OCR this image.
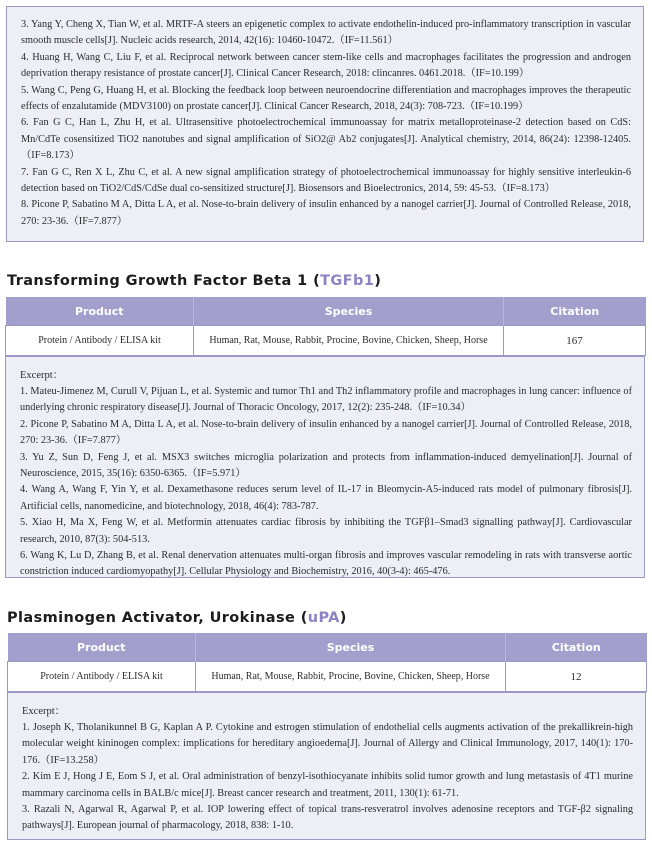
3. Yang Y, Cheng X, Tian W, et al. MRTF-A steers an epigenetic complex to activate endothelin-induced pro-inflammatory transcription in vascular smooth muscle cells[J]. Nucleic acids research, 2014, 42(16): 10460-10472.（IF=11.561）

4. Huang H, Wang C, Liu F, et al. Reciprocal network between cancer stem-like cells and macrophages facilitates the progression and androgen deprivation therapy resistance of prostate cancer[J]. Clinical Cancer Research, 2018: clincanres. 0461.2018.（IF=10.199）

5. Wang C, Peng G, Huang H, et al. Blocking the feedback loop between neuroendocrine differentiation and macrophages improves the therapeutic effects of enzalutamide (MDV3100) on prostate cancer[J]. Clinical Cancer Research, 2018, 24(3): 708-723.（IF=10.199）

6. Fan G C, Han L, Zhu H, et al. Ultrasensitive photoelectrochemical immunoassay for matrix metalloproteinase-2 detection based on CdS: Mn/CdTe cosensitized TiO2 nanotubes and signal amplification of SiO2@ Ab2 conjugates[J]. Analytical chemistry, 2014, 86(24): 12398-12405.（IF=8.173）

7. Fan G C, Ren X L, Zhu C, et al. A new signal amplification strategy of photoelectrochemical immunoassay for highly sensitive interleukin-6 detection based on TiO2/CdS/CdSe dual co-sensitized structure[J]. Biosensors and Bioelectronics, 2014, 59: 45-53.（IF=8.173）

8. Picone P, Sabatino M A, Ditta L A, et al. Nose-to-brain delivery of insulin enhanced by a nanogel carrier[J]. Journal of Controlled Release, 2018, 270: 23-36.（IF=7.877）

Transforming Growth Factor Beta 1 (TGFb1)
Product	Species	Citation
Protein / Antibody / ELISA kit	Human, Rat, Mouse, Rabbit, Procine, Bovine, Chicken, Sheep, Horse	167

Excerpt：

1. Mateu-Jimenez M, Curull V, Pijuan L, et al. Systemic and tumor Th1 and Th2 inflammatory profile and macrophages in lung cancer: influence of underlying chronic respiratory disease[J]. Journal of Thoracic Oncology, 2017, 12(2): 235-248.（IF=10.34）

2. Picone P, Sabatino M A, Ditta L A, et al. Nose-to-brain delivery of insulin enhanced by a nanogel carrier[J]. Journal of Controlled Release, 2018, 270: 23-36.（IF=7.877）

3. Yu Z, Sun D, Feng J, et al. MSX3 switches microglia polarization and protects from inflammation-induced demyelination[J]. Journal of Neuroscience, 2015, 35(16): 6350-6365.（IF=5.971）

4. Wang A, Wang F, Yin Y, et al. Dexamethasone reduces serum level of IL-17 in Bleomycin-A5-induced rats model of pulmonary fibrosis[J]. Artificial cells, nanomedicine, and biotechnology, 2018, 46(4): 783-787.

5. Xiao H, Ma X, Feng W, et al. Metformin attenuates cardiac fibrosis by inhibiting the TGFβ1–Smad3 signalling pathway[J]. Cardiovascular research, 2010, 87(3): 504-513.

6. Wang K, Lu D, Zhang B, et al. Renal denervation attenuates multi-organ fibrosis and improves vascular remodeling in rats with transverse aortic constriction induced cardiomyopathy[J]. Cellular Physiology and Biochemistry, 2016, 40(3-4): 465-476.

Plasminogen Activator, Urokinase (uPA)
Product	Species	Citation
Protein / Antibody / ELISA kit	Human, Rat, Mouse, Rabbit, Procine, Bovine, Chicken, Sheep, Horse	12

Excerpt：

1. Joseph K, Tholanikunnel B G, Kaplan A P. Cytokine and estrogen stimulation of endothelial cells augments activation of the prekallikrein-high molecular weight kininogen complex: implications for hereditary angioedema[J]. Journal of Allergy and Clinical Immunology, 2017, 140(1): 170-176.（IF=13.258）

2. Kim E J, Hong J E, Eom S J, et al. Oral administration of benzyl-isothiocyanate inhibits solid tumor growth and lung metastasis of 4T1 murine mammary carcinoma cells in BALB/c mice[J]. Breast cancer research and treatment, 2011, 130(1): 61-71.

3. Razali N, Agarwal R, Agarwal P, et al. IOP lowering effect of topical trans-resveratrol involves adenosine receptors and TGF-β2 signaling pathways[J]. European journal of pharmacology, 2018, 838: 1-10.
